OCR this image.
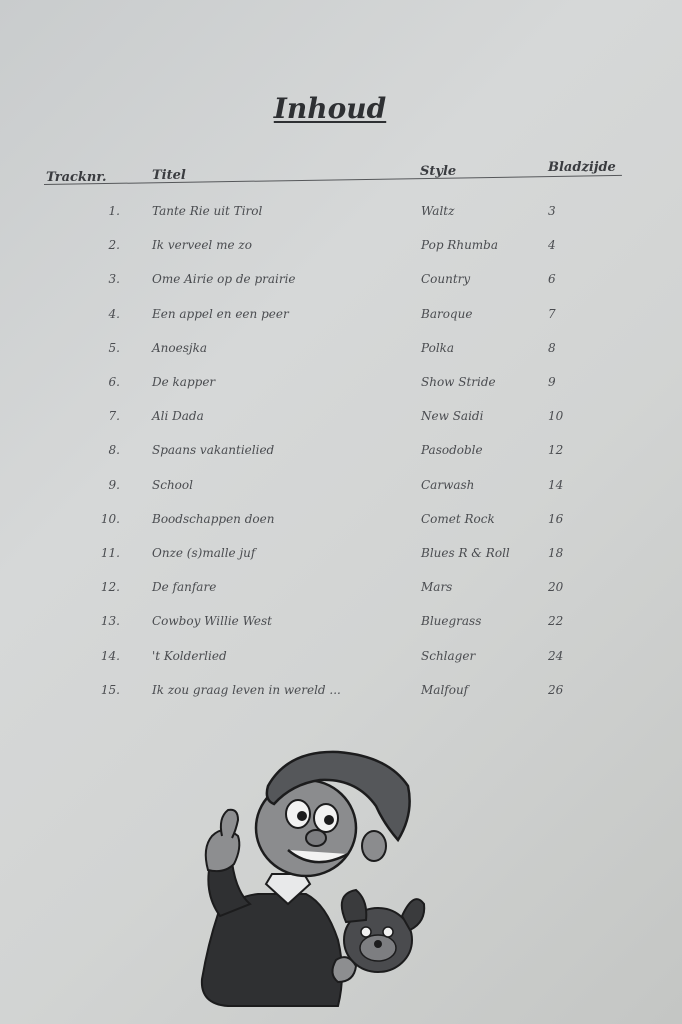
Inhoud
Tracknr.	Titel	Style	Bladzijde
1.	Tante Rie uit Tirol	Waltz	3
2.	Ik verveel me zo	Pop Rhumba	4
3.	Ome Airie op de prairie	Country	6
4.	Een appel en een peer	Baroque	7
5.	Anoesjka	Polka	8
6.	De kapper	Show Stride	9
7.	Ali Dada	New Saidi	10
8.	Spaans vakantielied	Pasodoble	12
9.	School	Carwash	14
10.	Boodschappen doen	Comet Rock	16
11.	Onze (s)malle juf	Blues R & Roll	18
12.	De fanfare	Mars	20
13.	Cowboy Willie West	Bluegrass	22
14.	't Kolderlied	Schlager	24
15.	Ik zou graag leven in wereld ...	Malfouf	26
